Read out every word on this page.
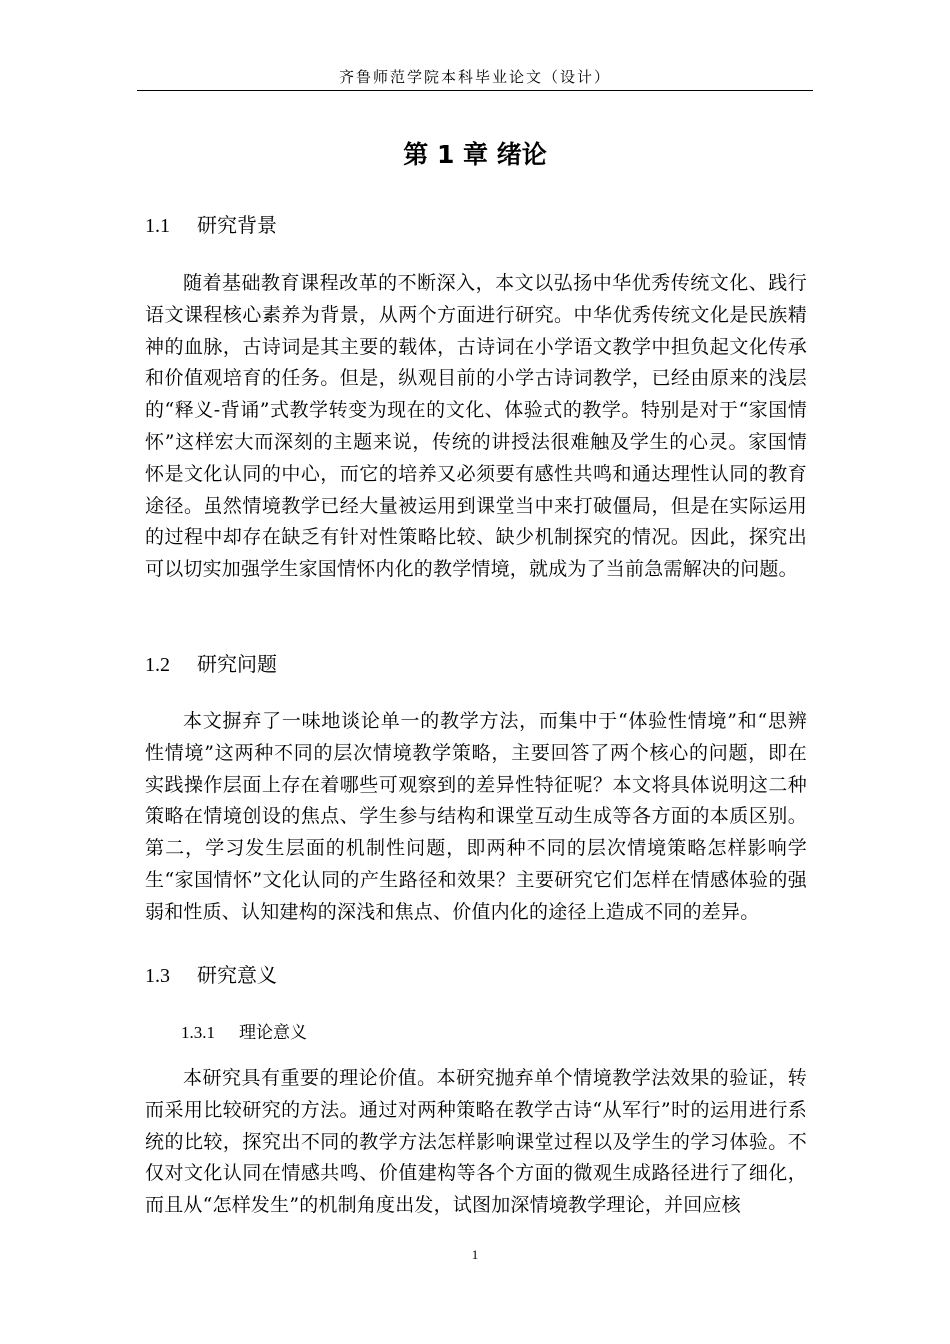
齐鲁师范学院本科毕业论文（设计）
第 1 章 绪论
1.1 研究背景

随着基础教育课程改革的不断深入，本文以弘扬中华优秀传统文化、践行语文课程核心素养为背景，从两个方面进行研究。中华优秀传统文化是民族精神的血脉，古诗词是其主要的载体，古诗词在小学语文教学中担负起文化传承和价值观培育的任务。但是，纵观目前的小学古诗词教学，已经由原来的浅层的“释义-背诵”式教学转变为现在的文化、体验式的教学。特别是对于“家国情怀”这样宏大而深刻的主题来说，传统的讲授法很难触及学生的心灵。家国情怀是文化认同的中心，而它的培养又必须要有感性共鸣和通达理性认同的教育途径。虽然情境教学已经大量被运用到课堂当中来打破僵局，但是在实际运用的过程中却存在缺乏有针对性策略比较、缺少机制探究的情况。因此，探究出可以切实加强学生家国情怀内化的教学情境，就成为了当前急需解决的问题。

1.2 研究问题

本文摒弃了一味地谈论单一的教学方法，而集中于“体验性情境”和“思辨性情境”这两种不同的层次情境教学策略，主要回答了两个核心的问题，即在实践操作层面上存在着哪些可观察到的差异性特征呢？本文将具体说明这二种策略在情境创设的焦点、学生参与结构和课堂互动生成等各方面的本质区别。第二，学习发生层面的机制性问题，即两种不同的层次情境策略怎样影响学生“家国情怀”文化认同的产生路径和效果？主要研究它们怎样在情感体验的强弱和性质、认知建构的深浅和焦点、价值内化的途径上造成不同的差异。

1.3 研究意义
1.3.1 理论意义

本研究具有重要的理论价值。本研究抛弃单个情境教学法效果的验证，转而采用比较研究的方法。通过对两种策略在教学古诗“从军行”时的运用进行系统的比较，探究出不同的教学方法怎样影响课堂过程以及学生的学习体验。不仅对文化认同在情感共鸣、价值建构等各个方面的微观生成路径进行了细化，而且从“怎样发生”的机制角度出发，试图加深情境教学理论，并回应核

1
